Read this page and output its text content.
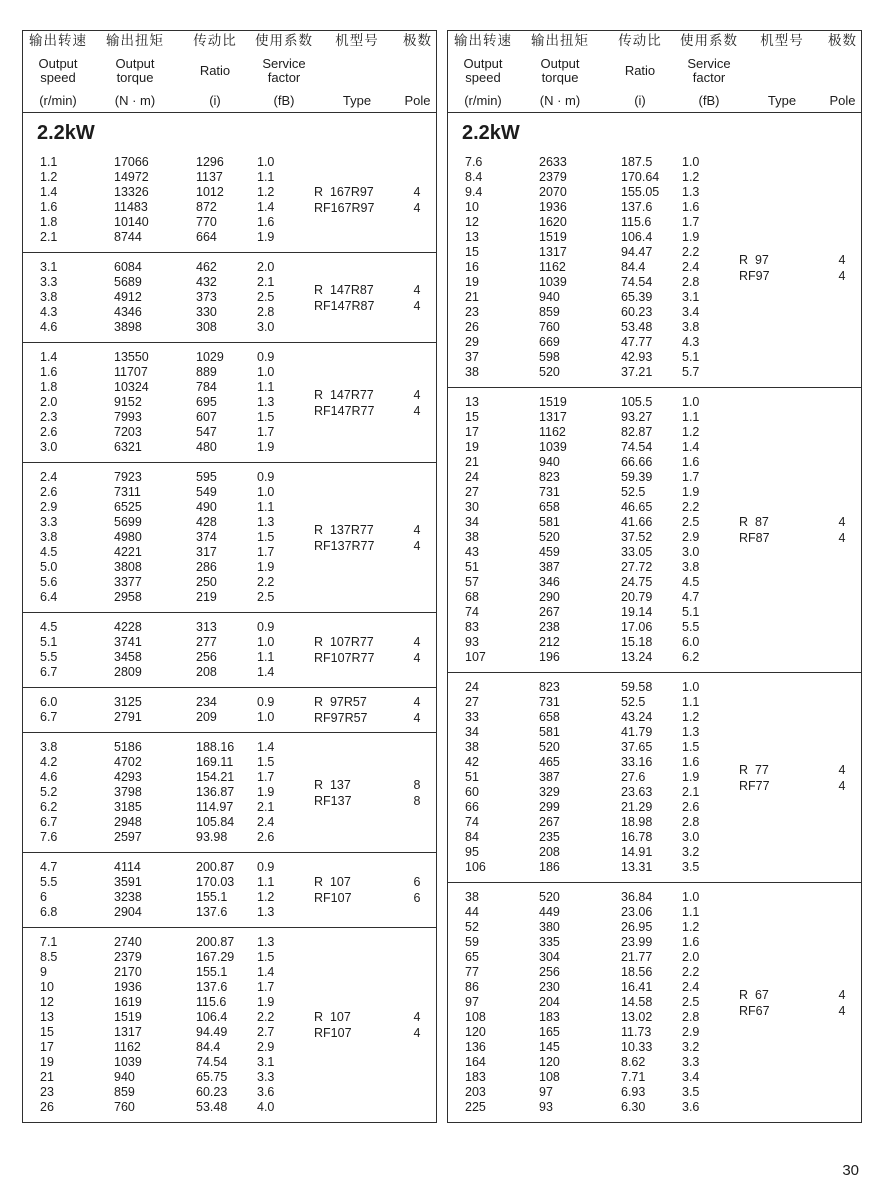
输出转速
Output
speed
(r/min)
输出扭矩
Output
torque
(N · m)
传动比
Ratio
(i)
使用系数
Service
factor
(fB)
机型号
Type
极数
Pole
2.2kW
1.1	17066	1296	1.0
1.2	14972	1137	1.1
1.4	13326	1012	1.2
1.6	11483	872	1.4
1.8	10140	770	1.6
2.1	8744	664	1.9
R  167R97	4
RF167R97	4
3.1	6084	462	2.0
3.3	5689	432	2.1
3.8	4912	373	2.5
4.3	4346	330	2.8
4.6	3898	308	3.0
R  147R87	4
RF147R87	4
1.4	13550	1029	0.9
1.6	11707	889	1.0
1.8	10324	784	1.1
2.0	9152	695	1.3
2.3	7993	607	1.5
2.6	7203	547	1.7
3.0	6321	480	1.9
R  147R77	4
RF147R77	4
2.4	7923	595	0.9
2.6	7311	549	1.0
2.9	6525	490	1.1
3.3	5699	428	1.3
3.8	4980	374	1.5
4.5	4221	317	1.7
5.0	3808	286	1.9
5.6	3377	250	2.2
6.4	2958	219	2.5
R  137R77	4
RF137R77	4
4.5	4228	313	0.9
5.1	3741	277	1.0
5.5	3458	256	1.1
6.7	2809	208	1.4
R  107R77	4
RF107R77	4
6.0	3125	234	0.9
6.7	2791	209	1.0
R  97R57	4
RF97R57	4
3.8	5186	188.16	1.4
4.2	4702	169.11	1.5
4.6	4293	154.21	1.7
5.2	3798	136.87	1.9
6.2	3185	114.97	2.1
6.7	2948	105.84	2.4
7.6	2597	93.98	2.6
R  137	8
RF137	8
4.7	4114	200.87	0.9
5.5	3591	170.03	1.1
6	3238	155.1	1.2
6.8	2904	137.6	1.3
R  107	6
RF107	6
7.1	2740	200.87	1.3
8.5	2379	167.29	1.5
9	2170	155.1	1.4
10	1936	137.6	1.7
12	1619	115.6	1.9
13	1519	106.4	2.2
15	1317	94.49	2.7
17	1162	84.4	2.9
19	1039	74.54	3.1
21	940	65.75	3.3
23	859	60.23	3.6
26	760	53.48	4.0
R  107	4
RF107	4
输出转速
Output
speed
(r/min)
输出扭矩
Output
torque
(N · m)
传动比
Ratio
(i)
使用系数
Service
factor
(fB)
机型号
Type
极数
Pole
2.2kW
7.6	2633	187.5	1.0
8.4	2379	170.64	1.2
9.4	2070	155.05	1.3
10	1936	137.6	1.6
12	1620	115.6	1.7
13	1519	106.4	1.9
15	1317	94.47	2.2
16	1162	84.4	2.4
19	1039	74.54	2.8
21	940	65.39	3.1
23	859	60.23	3.4
26	760	53.48	3.8
29	669	47.77	4.3
37	598	42.93	5.1
38	520	37.21	5.7
R  97	4
RF97	4
13	1519	105.5	1.0
15	1317	93.27	1.1
17	1162	82.87	1.2
19	1039	74.54	1.4
21	940	66.66	1.6
24	823	59.39	1.7
27	731	52.5	1.9
30	658	46.65	2.2
34	581	41.66	2.5
38	520	37.52	2.9
43	459	33.05	3.0
51	387	27.72	3.8
57	346	24.75	4.5
68	290	20.79	4.7
74	267	19.14	5.1
83	238	17.06	5.5
93	212	15.18	6.0
107	196	13.24	6.2
R  87	4
RF87	4
24	823	59.58	1.0
27	731	52.5	1.1
33	658	43.24	1.2
34	581	41.79	1.3
38	520	37.65	1.5
42	465	33.16	1.6
51	387	27.6	1.9
60	329	23.63	2.1
66	299	21.29	2.6
74	267	18.98	2.8
84	235	16.78	3.0
95	208	14.91	3.2
106	186	13.31	3.5
R  77	4
RF77	4
38	520	36.84	1.0
44	449	23.06	1.1
52	380	26.95	1.2
59	335	23.99	1.6
65	304	21.77	2.0
77	256	18.56	2.2
86	230	16.41	2.4
97	204	14.58	2.5
108	183	13.02	2.8
120	165	11.73	2.9
136	145	10.33	3.2
164	120	8.62	3.3
183	108	7.71	3.4
203	97	6.93	3.5
225	93	6.30	3.6
R  67	4
RF67	4
30
